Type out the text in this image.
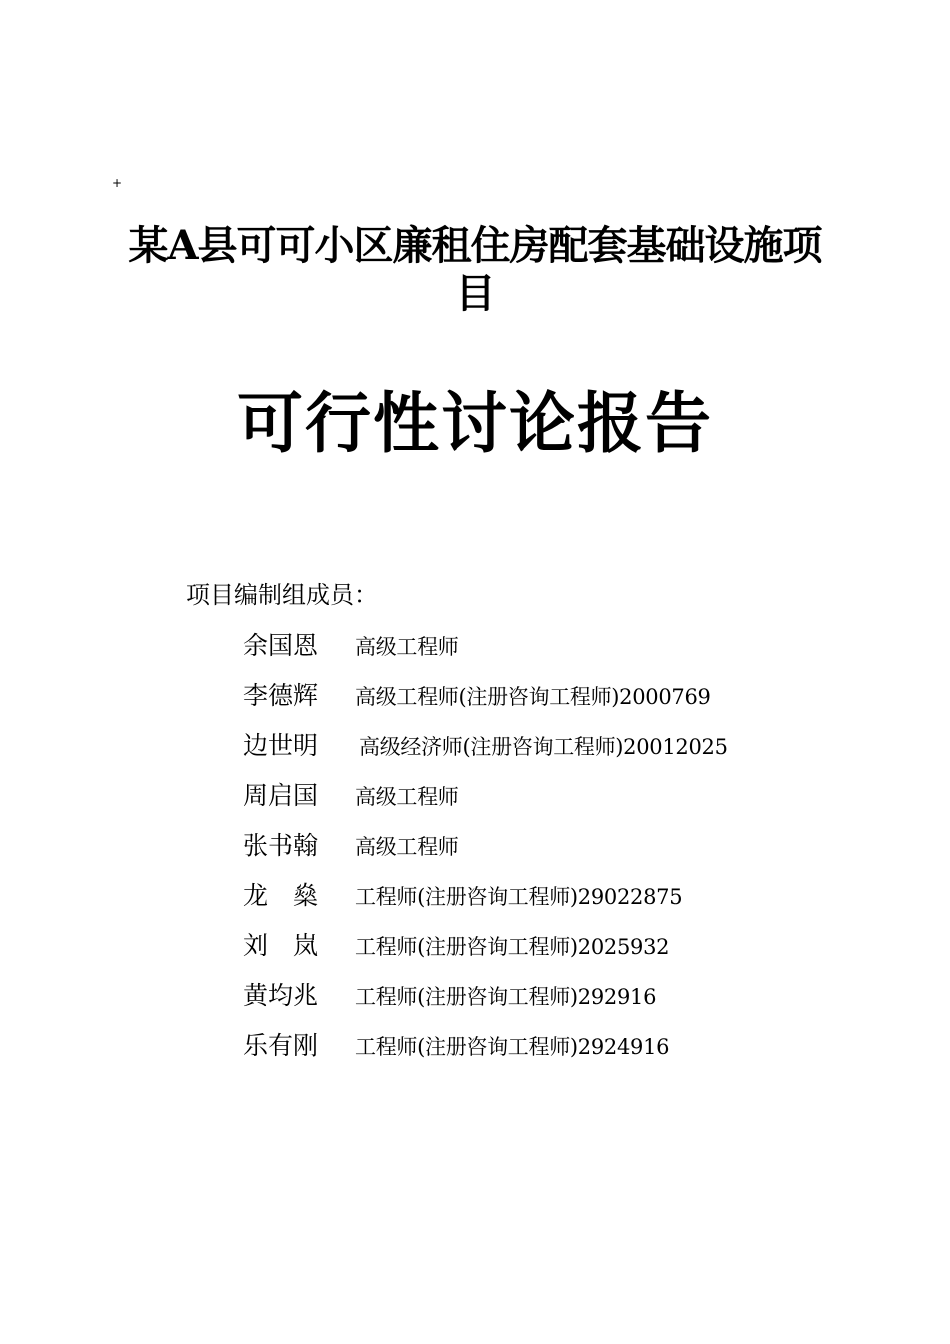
+
某A县可可小区廉租住房配套基础设施项
目
可行性讨论报告
项目编制组成员：
余国恩	高级工程师
李德辉	高级工程师(注册咨询工程师)2000769
边世明	高级经济师(注册咨询工程师)20012025
周启国	高级工程师
张书翰	高级工程师
龙　燊	工程师(注册咨询工程师)29022875
刘　岚	工程师(注册咨询工程师)2025932
黄均兆	工程师(注册咨询工程师)292916
乐有刚	工程师(注册咨询工程师)2924916
